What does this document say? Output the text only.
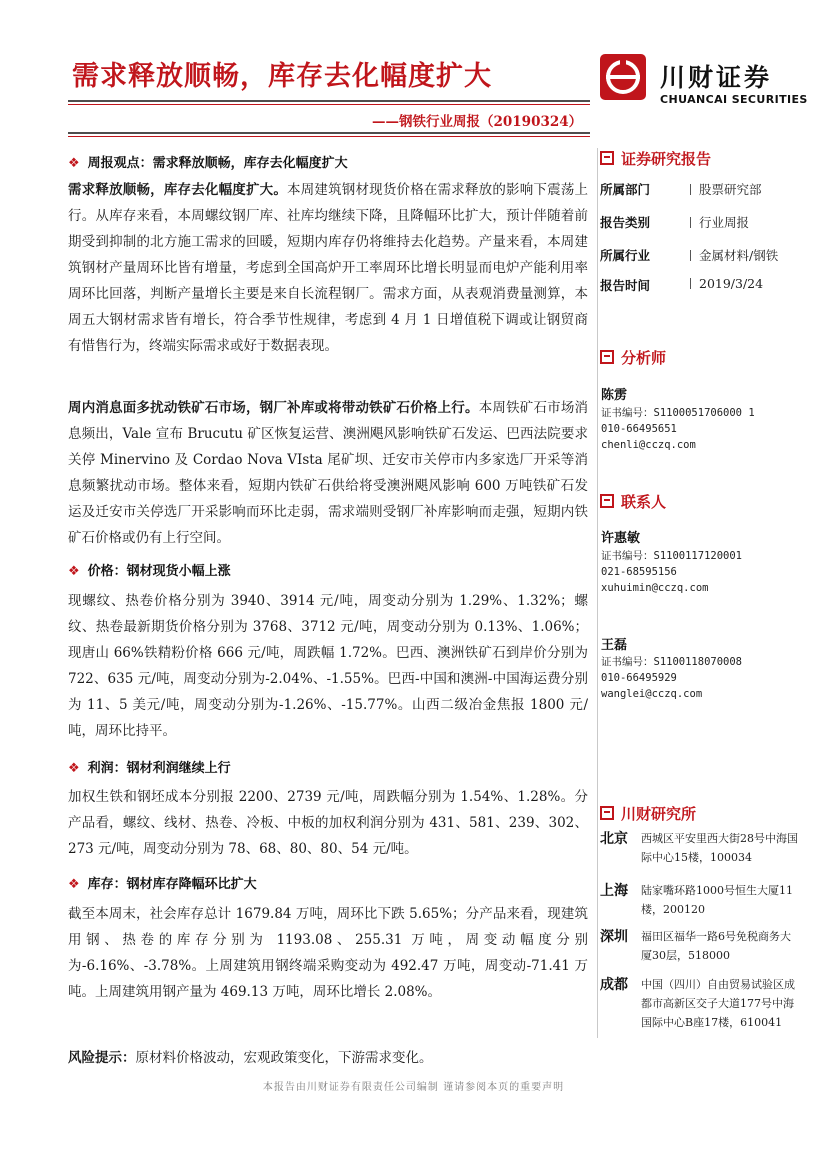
需求释放顺畅，库存去化幅度扩大
——钢铁行业周报（20190324）
川财证券
CHUANCAI SECURITIES
❖ 周报观点：需求释放顺畅，库存去化幅度扩大
需求释放顺畅，库存去化幅度扩大。本周建筑钢材现货价格在需求释放的影响下震荡上行。从库存来看，本周螺纹钢厂库、社库均继续下降，且降幅环比扩大，预计伴随着前期受到抑制的北方施工需求的回暖，短期内库存仍将维持去化趋势。产量来看，本周建筑钢材产量周环比皆有增量，考虑到全国高炉开工率周环比增长明显而电炉产能利用率周环比回落，判断产量增长主要是来自长流程钢厂。需求方面，从表观消费量测算，本周五大钢材需求皆有增长，符合季节性规律，考虑到 4 月 1 日增值税下调或让钢贸商有惜售行为，终端实际需求或好于数据表现。
周内消息面多扰动铁矿石市场，钢厂补库或将带动铁矿石价格上行。本周铁矿石市场消息频出，Vale 宣布 Brucutu 矿区恢复运营、澳洲飓风影响铁矿石发运、巴西法院要求关停 Minervino 及 Cordao Nova VIsta 尾矿坝、迁安市关停市内多家选厂开采等消息频繁扰动市场。整体来看，短期内铁矿石供给将受澳洲飓风影响 600 万吨铁矿石发运及迁安市关停选厂开采影响而环比走弱，需求端则受钢厂补库影响而走强，短期内铁矿石价格或仍有上行空间。
❖ 价格：钢材现货小幅上涨
现螺纹、热卷价格分别为 3940、3914 元/吨，周变动分别为 1.29%、1.32%；螺纹、热卷最新期货价格分别为 3768、3712 元/吨，周变动分别为 0.13%、1.06%；现唐山 66%铁精粉价格 666 元/吨，周跌幅 1.72%。巴西、澳洲铁矿石到岸价分别为 722、635 元/吨，周变动分别为-2.04%、-1.55%。巴西-中国和澳洲-中国海运费分别为 11、5 美元/吨，周变动分别为-1.26%、-15.77%。山西二级冶金焦报 1800 元/吨，周环比持平。
❖ 利润：钢材利润继续上行
加权生铁和钢坯成本分别报 2200、2739 元/吨，周跌幅分别为 1.54%、1.28%。分产品看，螺纹、线材、热卷、冷板、中板的加权利润分别为 431、581、239、302、273 元/吨，周变动分别为 78、68、80、80、54 元/吨。
❖ 库存：钢材库存降幅环比扩大
截至本周末，社会库存总计 1679.84 万吨，周环比下跌 5.65%；分产品来看，现建筑用钢、热卷的库存分别为 1193.08、255.31 万吨，周变动幅度分别为-6.16%、-3.78%。上周建筑用钢终端采购变动为 492.47 万吨，周变动-71.41 万吨。上周建筑用钢产量为 469.13 万吨，周环比增长 2.08%。
风险提示：原材料价格波动，宏观政策变化，下游需求变化。
证券研究报告
所属部门	股票研究部
报告类别	行业周报
所属行业	金属材料/钢铁
报告时间	2019/3/24
分析师
陈雳
证书编号：S1100051706000 1
010-66495651
chenli@cczq.com
联系人
许惠敏
证书编号：S1100117120001
021-68595156
xuhuimin@cczq.com
王磊
证书编号：S1100118070008
010-66495929
wanglei@cczq.com
川财研究所
北京 西城区平安里西大街28号中海国际中心15楼，100034
上海 陆家嘴环路1000号恒生大厦11楼，200120
深圳 福田区福华一路6号免税商务大厦30层，518000
成都 中国（四川）自由贸易试验区成都市高新区交子大道177号中海国际中心B座17楼，610041
本报告由川财证券有限责任公司编制 谨请参阅本页的重要声明
